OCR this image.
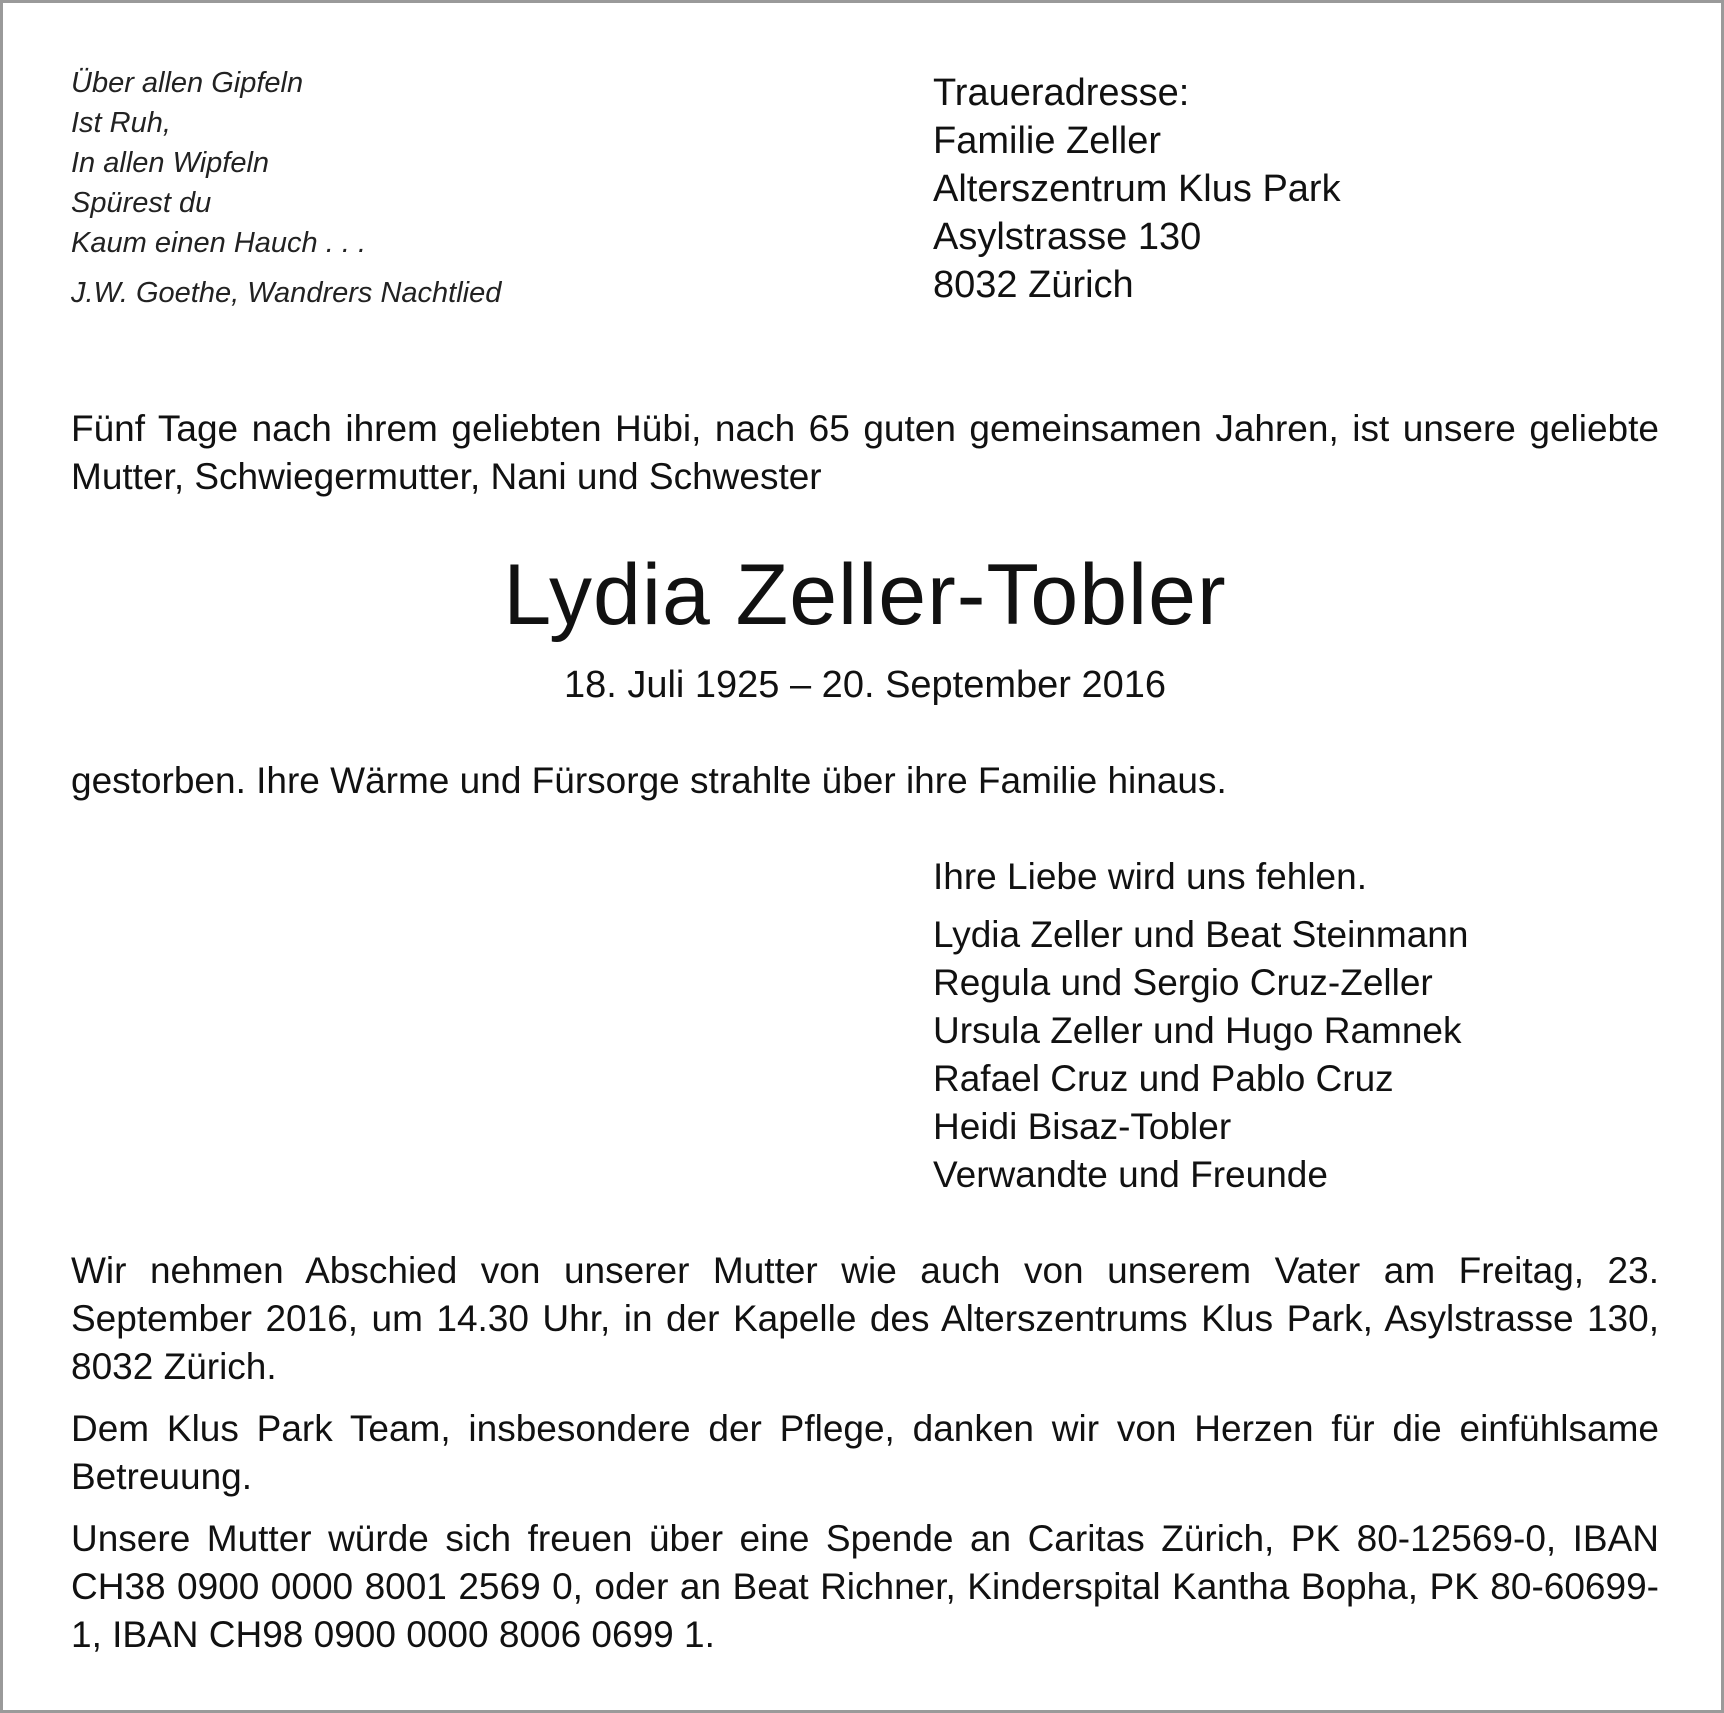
Über allen Gipfeln
Ist Ruh,
In allen Wipfeln
Spürest du
Kaum einen Hauch . . .
J.W. Goethe, Wandrers Nachtlied
Traueradresse:
Familie Zeller
Alterszentrum Klus Park
Asylstrasse 130
8032 Zürich
Fünf Tage nach ihrem geliebten Hübi, nach 65 guten gemeinsamen Jahren, ist unsere geliebte Mutter, Schwiegermutter, Nani und Schwester
Lydia Zeller-Tobler
18. Juli 1925 – 20. September 2016
gestorben. Ihre Wärme und Fürsorge strahlte über ihre Familie hinaus.
Ihre Liebe wird uns fehlen.
Lydia Zeller und Beat Steinmann
Regula und Sergio Cruz-Zeller
Ursula Zeller und Hugo Ramnek
Rafael Cruz und Pablo Cruz
Heidi Bisaz-Tobler
Verwandte und Freunde
Wir nehmen Abschied von unserer Mutter wie auch von unserem Vater am Freitag, 23. September 2016, um 14.30 Uhr, in der Kapelle des Alterszentrums Klus Park, Asylstrasse 130, 8032 Zürich.
Dem Klus Park Team, insbesondere der Pflege, danken wir von Herzen für die einfühlsame Betreuung.
Unsere Mutter würde sich freuen über eine Spende an Caritas Zürich, PK 80-12569-0, IBAN CH38 0900 0000 8001 2569 0, oder an Beat Richner, Kinderspital Kantha Bopha, PK 80-60699-1, IBAN CH98 0900 0000 8006 0699 1.
